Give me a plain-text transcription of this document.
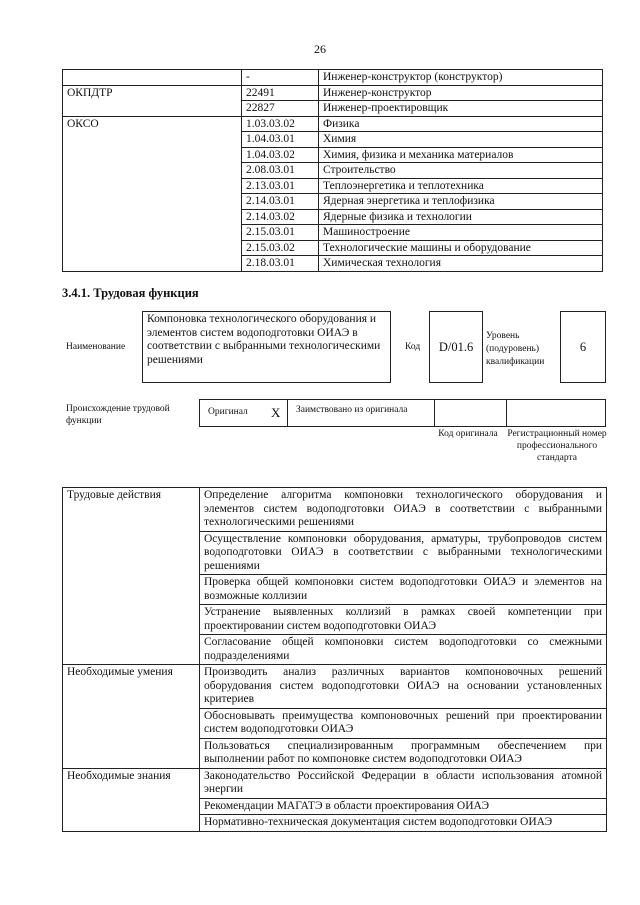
26
	-	Инженер-конструктор (конструктор)
ОКПДТР	22491	Инженер-конструктор
	22827	Инженер-проектировщик
ОКСО	1.03.03.02	Физика
	1.04.03.01	Химия
	1.04.03.02	Химия, физика и механика материалов
	2.08.03.01	Строительство
	2.13.03.01	Теплоэнергетика и теплотехника
	2.14.03.01	Ядерная энергетика и теплофизика
	2.14.03.02	Ядерные физика и технологии
	2.15.03.01	Машиностроение
	2.15.03.02	Технологические машины и оборудование
	2.18.03.01	Химическая технология
3.4.1. Трудовая функция
Наименование
Компоновка технологического оборудования и элементов систем водоподготовки ОИАЭ в соответствии с выбранными технологическими решениями
Код	D/01.6
Уровень (подуровень) квалификации
6
Происхождение трудовой функции
Оригинал	X	Заимствовано из оригинала
Код оригинала	Регистрационный номер профессионального стандарта
Трудовые действия	Определение алгоритма компоновки технологического оборудования и элементов систем водоподготовки ОИАЭ в соответствии с выбранными технологическими решениями
	Осуществление компоновки оборудования, арматуры, трубопроводов систем водоподготовки ОИАЭ в соответствии с выбранными технологическими решениями
	Проверка общей компоновки систем водоподготовки ОИАЭ и элементов на возможные коллизии
	Устранение выявленных коллизий в рамках своей компетенции при проектировании систем водоподготовки ОИАЭ
	Согласование общей компоновки систем водоподготовки со смежными подразделениями
Необходимые умения	Производить анализ различных вариантов компоновочных решений оборудования систем водоподготовки ОИАЭ на основании установленных критериев
	Обосновывать преимущества компоновочных решений при проектировании систем водоподготовки ОИАЭ
	Пользоваться специализированным программным обеспечением при выполнении работ по компоновке систем водоподготовки ОИАЭ
Необходимые знания	Законодательство Российской Федерации в области использования атомной энергии
	Рекомендации МАГАТЭ в области проектирования ОИАЭ
	Нормативно-техническая документация систем водоподготовки ОИАЭ
